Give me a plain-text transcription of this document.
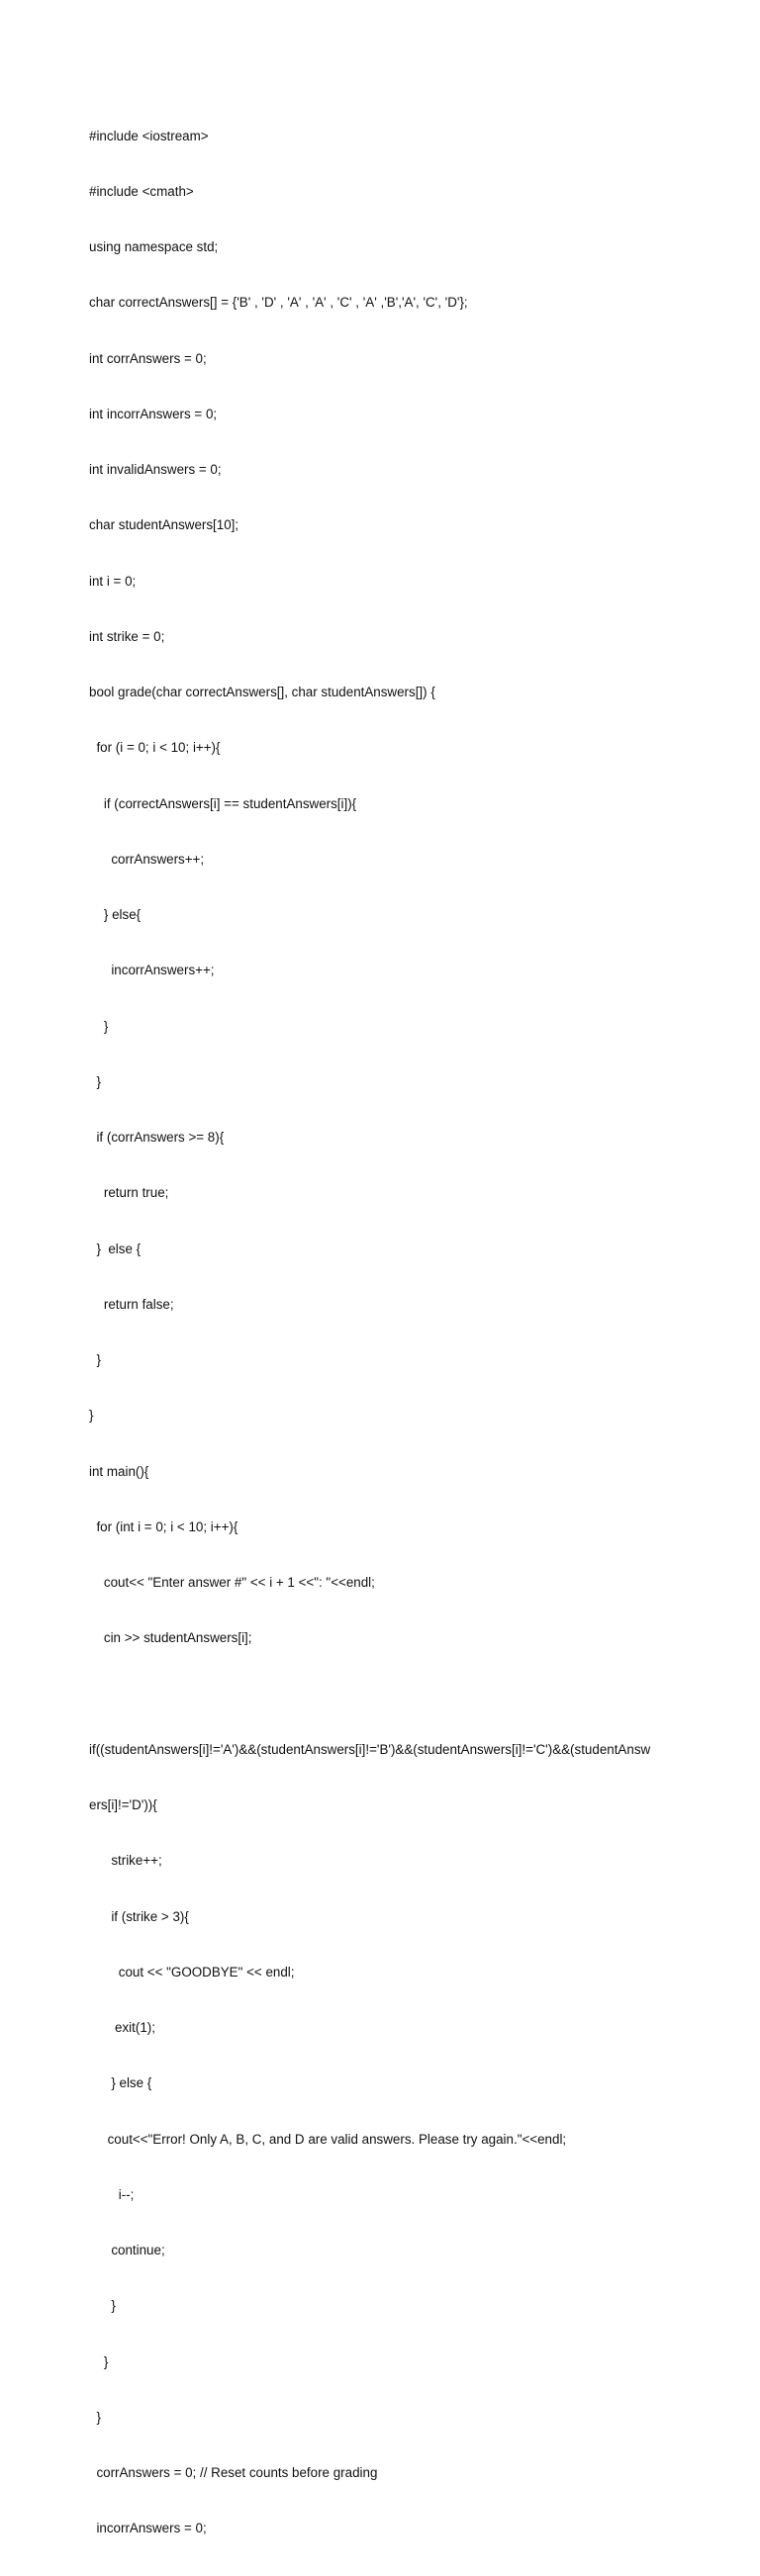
#include <iostream>

#include <cmath>

using namespace std;

char correctAnswers[] = {'B' , 'D' , 'A' , 'A' , 'C' , 'A' ,'B','A', 'C', 'D'};

int corrAnswers = 0;

int incorrAnswers = 0;

int invalidAnswers = 0;

char studentAnswers[10];

int i = 0;

int strike = 0;

bool grade(char correctAnswers[], char studentAnswers[]) {

for (i = 0; i < 10; i++){

if (correctAnswers[i] == studentAnswers[i]){

corrAnswers++;

} else{

incorrAnswers++;

}

}

if (corrAnswers >= 8){

return true;

}  else {

return false;

}

}

int main(){

for (int i = 0; i < 10; i++){

cout<< "Enter answer #" << i + 1 <<": "<<endl;

cin >> studentAnswers[i];

if((studentAnswers[i]!='A')&&(studentAnswers[i]!='B')&&(studentAnswers[i]!='C')&&(studentAnsw

ers[i]!='D')){

strike++;

if (strike > 3){

cout << "GOODBYE" << endl;

exit(1);

} else {

cout<<"Error! Only A, B, C, and D are valid answers. Please try again."<<endl;

i--;

continue;

}

}

}

corrAnswers = 0; // Reset counts before grading

incorrAnswers = 0;
